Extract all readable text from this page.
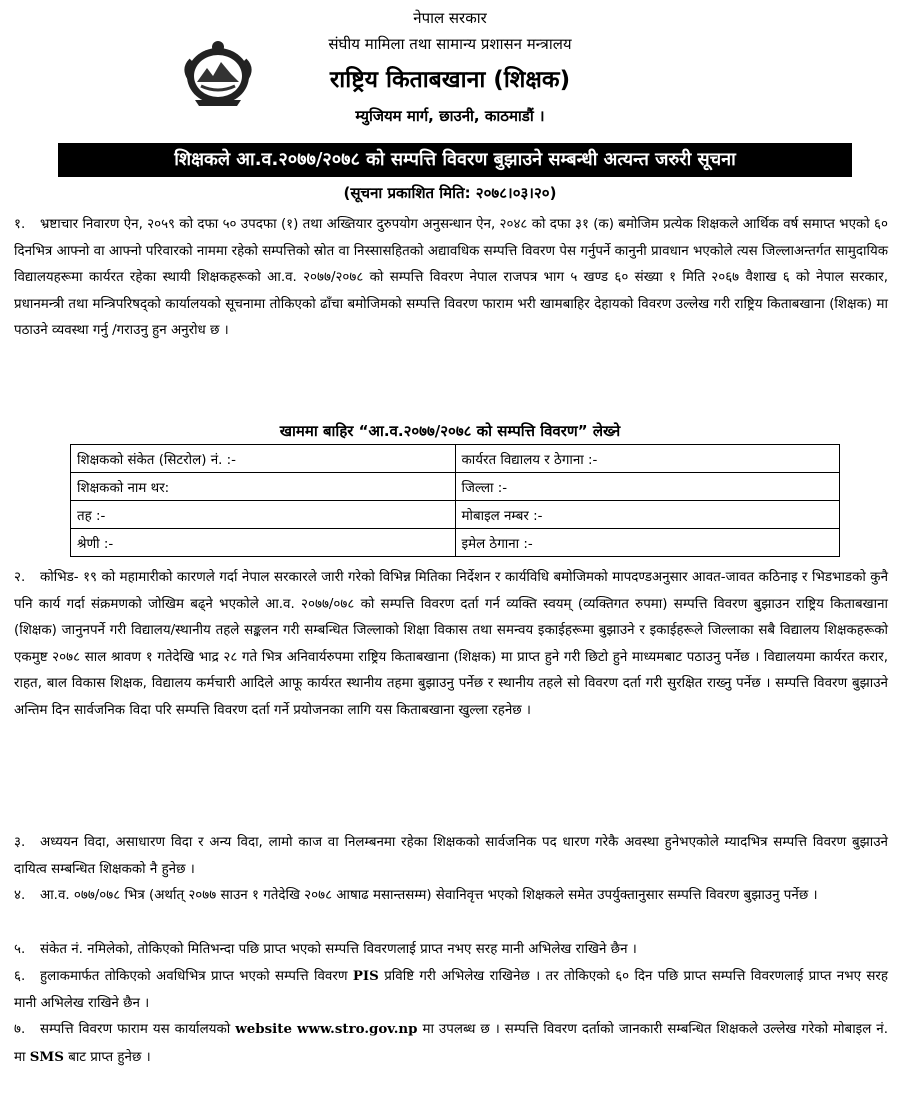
नेपाल सरकार
संघीय मामिला तथा सामान्य प्रशासन मन्त्रालय
राष्ट्रिय किताबखाना (शिक्षक)
म्युजियम मार्ग, छाउनी, काठमाडौं ।
शिक्षकले आ.व.२०७७/२०७८ को सम्पत्ति विवरण बुझाउने सम्बन्धी अत्यन्त जरुरी सूचना
(सूचना प्रकाशित मिति: २०७८।०३।२०)
१. भ्रष्टाचार निवारण ऐन, २०५९ को दफा ५० उपदफा (१) तथा अख्तियार दुरुपयोग अनुसन्धान ऐन, २०४८ को दफा ३१ (क) बमोजिम प्रत्येक शिक्षकले आर्थिक वर्ष समाप्त भएको ६० दिनभित्र आफ्नो वा आफ्नो परिवारको नाममा रहेको सम्पत्तिको स्रोत वा निस्सासहितको अद्यावधिक सम्पत्ति विवरण पेस गर्नुपर्ने कानुनी प्रावधान भएकोले त्यस जिल्लाअन्तर्गत सामुदायिक विद्यालयहरूमा कार्यरत रहेका स्थायी शिक्षकहरूको आ.व. २०७७/२०७८ को सम्पत्ति विवरण नेपाल राजपत्र भाग ५ खण्ड ६० संख्या १ मिति २०६७ वैशाख ६ को नेपाल सरकार, प्रधानमन्त्री तथा मन्त्रिपरिषद्को कार्यालयको सूचनामा तोकिएको ढाँचा बमोजिमको सम्पत्ति विवरण फाराम भरी खामबाहिर देहायको विवरण उल्लेख गरी राष्ट्रिय किताबखाना (शिक्षक) मा पठाउने व्यवस्था गर्नु /गराउनु हुन अनुरोध छ ।
खाममा बाहिर “आ.व.२०७७/२०७८ को सम्पत्ति विवरण” लेख्ने
शिक्षकको संकेत (सिटरोल) नं. :-	कार्यरत विद्यालय र ठेगाना :-
शिक्षकको नाम थर:	जिल्ला :-
तह :-	मोबाइल नम्बर :-
श्रेणी :-	इमेल ठेगाना :-
२. कोभिड- १९ को महामारीको कारणले गर्दा नेपाल सरकारले जारी गरेको विभिन्न मितिका निर्देशन र कार्यविधि बमोजिमको मापदण्डअनुसार आवत-जावत कठिनाइ र भिडभाडको कुनै पनि कार्य गर्दा संक्रमणको जोखिम बढ्ने भएकोले आ.व. २०७७/०७८ को सम्पत्ति विवरण दर्ता गर्न व्यक्ति स्वयम् (व्यक्तिगत रुपमा) सम्पत्ति विवरण बुझाउन राष्ट्रिय किताबखाना (शिक्षक) जानुनपर्ने गरी विद्यालय/स्थानीय तहले सङ्कलन गरी सम्बन्धित जिल्लाको शिक्षा विकास तथा समन्वय इकाईहरूमा बुझाउने र इकाईहरूले जिल्लाका सबै विद्यालय शिक्षकहरूको एकमुष्ट २०७८ साल श्रावण १ गतेदेखि भाद्र २८ गते भित्र अनिवार्यरुपमा राष्ट्रिय किताबखाना (शिक्षक) मा प्राप्त हुने गरी छिटो हुने माध्यमबाट पठाउनु पर्नेछ । विद्यालयमा कार्यरत करार, राहत, बाल विकास शिक्षक, विद्यालय कर्मचारी आदिले आफू कार्यरत स्थानीय तहमा बुझाउनु पर्नेछ र स्थानीय तहले सो विवरण दर्ता गरी सुरक्षित राख्नु पर्नेछ । सम्पत्ति विवरण बुझाउने अन्तिम दिन सार्वजनिक विदा परि सम्पत्ति विवरण दर्ता गर्ने प्रयोजनका लागि यस किताबखाना खुल्ला रहनेछ ।
३. अध्ययन विदा, असाधारण विदा र अन्य विदा, लामो काज वा निलम्बनमा रहेका शिक्षकको सार्वजनिक पद धारण गरेकै अवस्था हुनेभएकोले म्यादभित्र सम्पत्ति विवरण बुझाउने दायित्व सम्बन्धित शिक्षकको नै हुनेछ ।
४. आ.व. ०७७/०७८ भित्र (अर्थात् २०७७ साउन १ गतेदेखि २०७८ आषाढ मसान्तसम्म) सेवानिवृत्त भएको शिक्षकले समेत उपर्युक्तानुसार सम्पत्ति विवरण बुझाउनु पर्नेछ ।
५. संकेत नं. नमिलेको, तोकिएको मितिभन्दा पछि प्राप्त भएको सम्पत्ति विवरणलाई प्राप्त नभए सरह मानी अभिलेख राखिने छैन ।
६. हुलाकमार्फत तोकिएको अवधिभित्र प्राप्त भएको सम्पत्ति विवरण PIS प्रविष्टि गरी अभिलेख राखिनेछ । तर तोकिएको ६० दिन पछि प्राप्त सम्पत्ति विवरणलाई प्राप्त नभए सरह मानी अभिलेख राखिने छैन ।
७. सम्पत्ति विवरण फाराम यस कार्यालयको website www.stro.gov.np मा उपलब्ध छ । सम्पत्ति विवरण दर्ताको जानकारी सम्बन्धित शिक्षकले उल्लेख गरेको मोबाइल नं. मा SMS बाट प्राप्त हुनेछ ।
